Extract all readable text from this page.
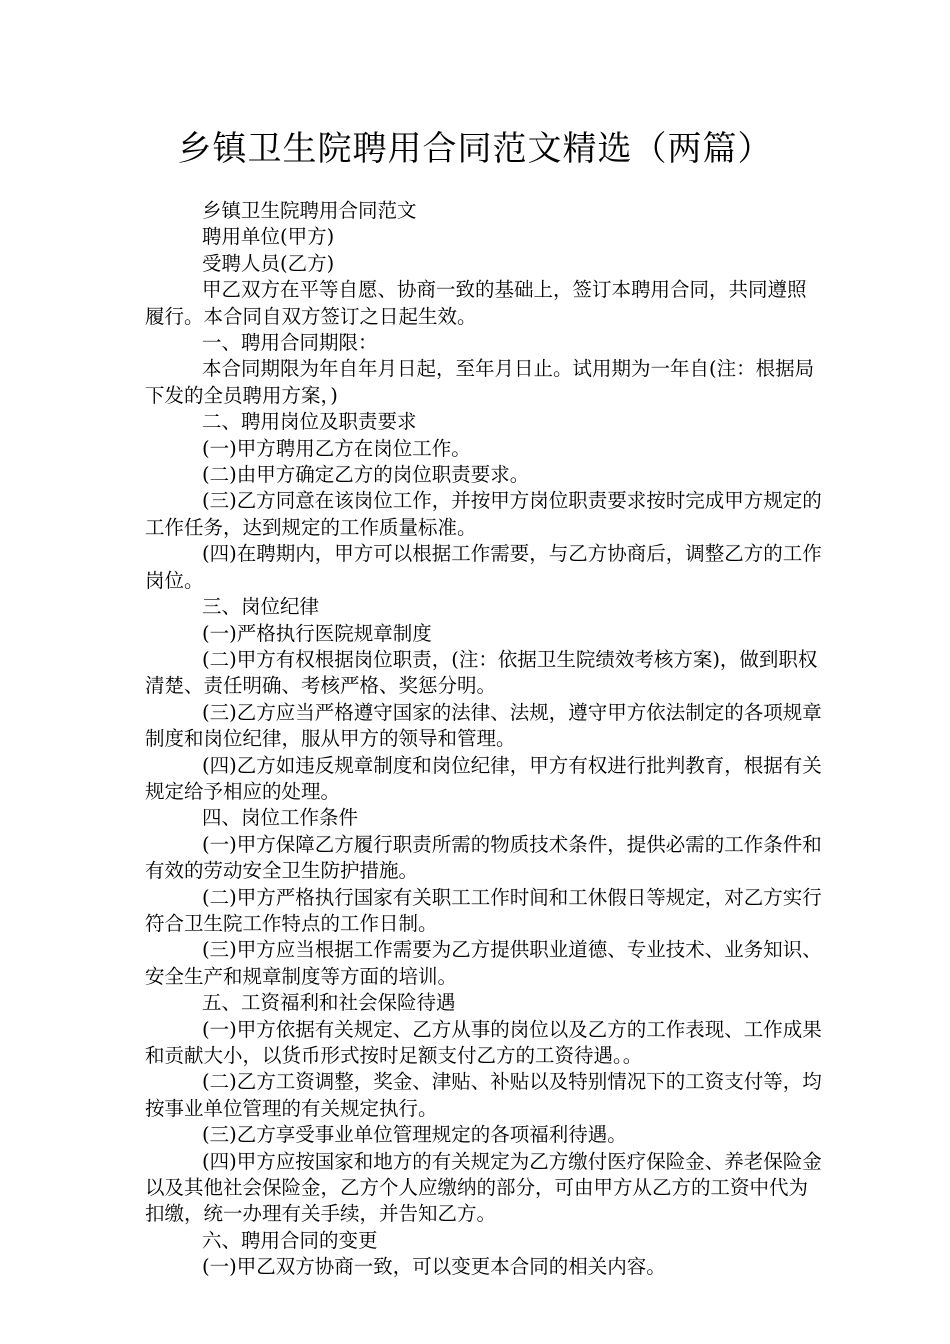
乡镇卫生院聘用合同范文精选（两篇）

乡镇卫生院聘用合同范文

聘用单位(甲方)

受聘人员(乙方)

甲乙双方在平等自愿、协商一致的基础上，签订本聘用合同，共同遵照履行。本合同自双方签订之日起生效。

一、聘用合同期限：

本合同期限为年自年月日起，至年月日止。试用期为一年自(注：根据局下发的全员聘用方案，)

二、聘用岗位及职责要求

(一)甲方聘用乙方在岗位工作。

(二)由甲方确定乙方的岗位职责要求。

(三)乙方同意在该岗位工作，并按甲方岗位职责要求按时完成甲方规定的工作任务，达到规定的工作质量标准。

(四)在聘期内，甲方可以根据工作需要，与乙方协商后，调整乙方的工作岗位。

三、岗位纪律

(一)严格执行医院规章制度

(二)甲方有权根据岗位职责，(注：依据卫生院绩效考核方案)，做到职权清楚、责任明确、考核严格、奖惩分明。

(三)乙方应当严格遵守国家的法律、法规，遵守甲方依法制定的各项规章制度和岗位纪律，服从甲方的领导和管理。

(四)乙方如违反规章制度和岗位纪律，甲方有权进行批判教育，根据有关规定给予相应的处理。

四、岗位工作条件

(一)甲方保障乙方履行职责所需的物质技术条件，提供必需的工作条件和有效的劳动安全卫生防护措施。

(二)甲方严格执行国家有关职工工作时间和工休假日等规定，对乙方实行符合卫生院工作特点的工作日制。

(三)甲方应当根据工作需要为乙方提供职业道德、专业技术、业务知识、安全生产和规章制度等方面的培训。

五、工资福利和社会保险待遇

(一)甲方依据有关规定、乙方从事的岗位以及乙方的工作表现、工作成果和贡献大小，以货币形式按时足额支付乙方的工资待遇。。

(二)乙方工资调整，奖金、津贴、补贴以及特别情况下的工资支付等，均按事业单位管理的有关规定执行。

(三)乙方享受事业单位管理规定的各项福利待遇。

(四)甲方应按国家和地方的有关规定为乙方缴付医疗保险金、养老保险金以及其他社会保险金，乙方个人应缴纳的部分，可由甲方从乙方的工资中代为扣缴，统一办理有关手续，并告知乙方。

六、聘用合同的变更

(一)甲乙双方协商一致，可以变更本合同的相关内容。
